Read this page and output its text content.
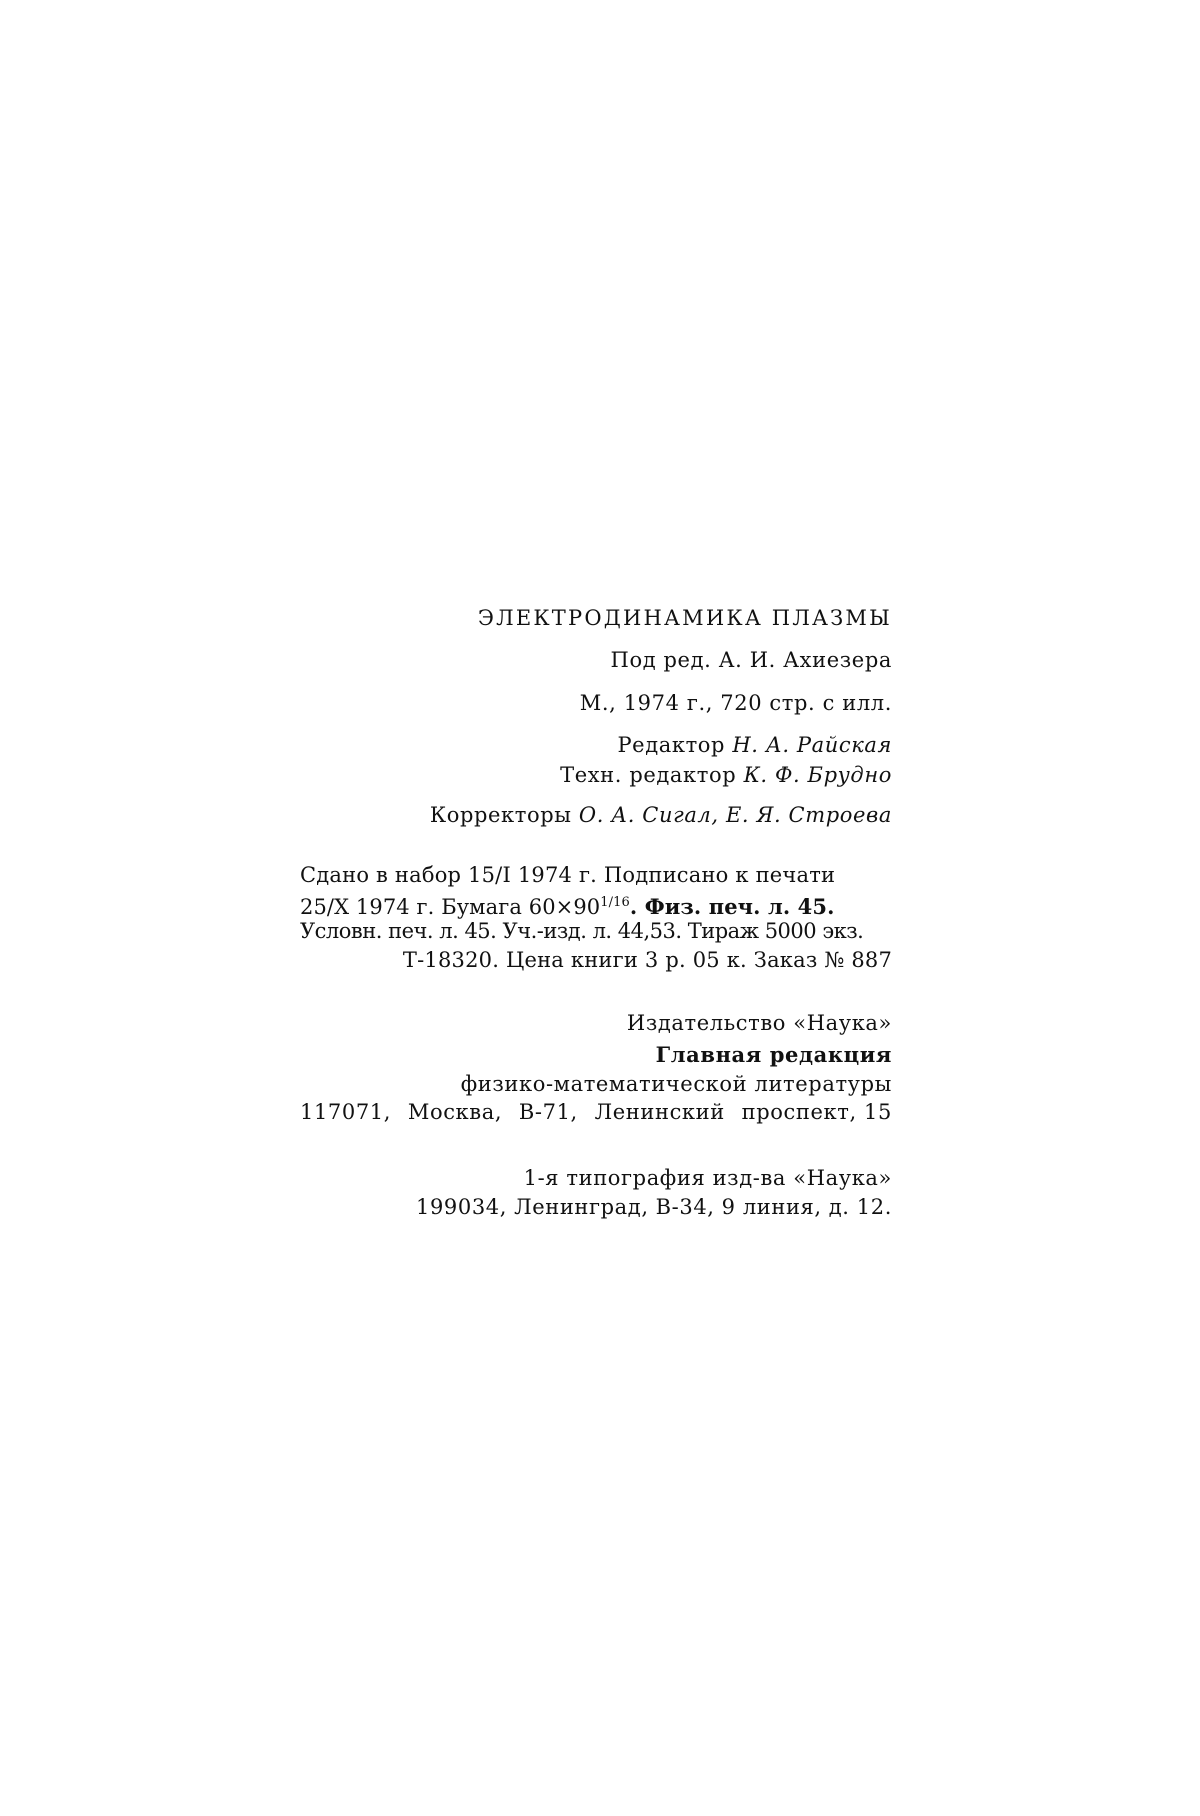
ЭЛЕКТРОДИНАМИКА ПЛАЗМЫ
Под ред. А. И. Ахиезера
М., 1974 г., 720 стр. с илл.
Редактор Н. А. Райская
Техн. редактор К. Ф. Брудно
Корректоры О. А. Сигал, Е. Я. Строева
Сдано в набор 15/I 1974 г. Подписано к печати
25/X 1974 г. Бумага $60\times 90^{1/16}$. Физ. печ. л. 45.
Условн. печ. л. 45. Уч.-изд. л. 44,53. Тираж 5000 экз.
Т-18320. Цена книги 3 р. 05 к. Заказ № 887
Издательство «Наука»
Главная редакция
физико-математической литературы
117071, Москва, В-71, Ленинский проспект, 15
1-я типография изд-ва «Наука»
199034, Ленинград, В-34, 9 линия, д. 12.
